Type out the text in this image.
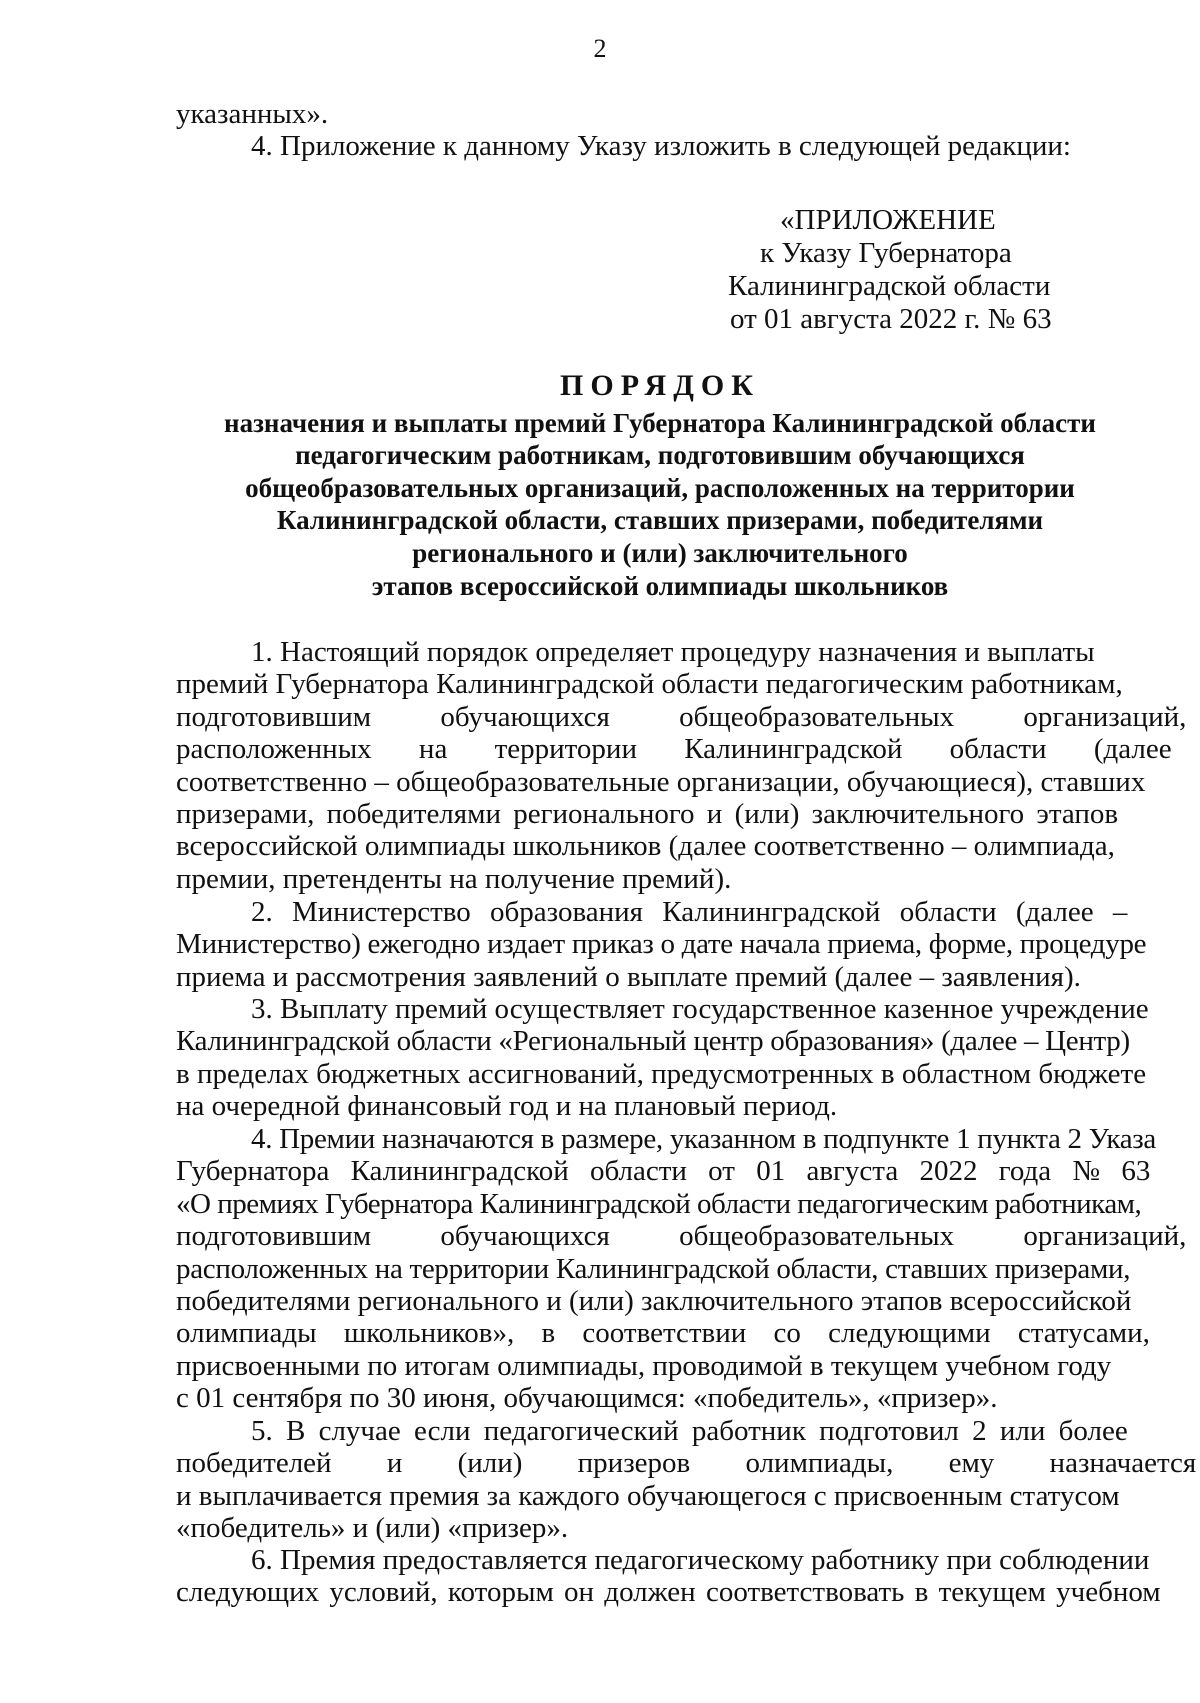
2
указанных».
4. Приложение к данному Указу изложить в следующей редакции:
«ПРИЛОЖЕНИЕ
к Указу Губернатора
Калининградской области
от 01 августа 2022 г. № 63
ПОРЯДОК
назначения и выплаты премий Губернатора Калининградской области
педагогическим работникам, подготовившим обучающихся
общеобразовательных организаций, расположенных на территории
Калининградской области, ставших призерами, победителями
регионального и (или) заключительного
этапов всероссийской олимпиады школьников
1. Настоящий порядок определяет процедуру назначения и выплаты
премий Губернатора Калининградской области педагогическим работникам,
подготовившим обучающихся общеобразовательных организаций,
расположенных на территории Калининградской области (далее
соответственно – общеобразовательные организации, обучающиеся), ставших
призерами, победителями регионального и (или) заключительного этапов
всероссийской олимпиады школьников (далее соответственно – олимпиада,
премии, претенденты на получение премий).
2. Министерство образования Калининградской области (далее –
Министерство) ежегодно издает приказ о дате начала приема, форме, процедуре
приема и рассмотрения заявлений о выплате премий (далее – заявления).
3. Выплату премий осуществляет государственное казенное учреждение
Калининградской области «Региональный центр образования» (далее – Центр)
в пределах бюджетных ассигнований, предусмотренных в областном бюджете
на очередной финансовый год и на плановый период.
4. Премии назначаются в размере, указанном в подпункте 1 пункта 2 Указа
Губернатора Калининградской области от 01 августа 2022 года № 63
«О премиях Губернатора Калининградской области педагогическим работникам,
подготовившим обучающихся общеобразовательных организаций,
расположенных на территории Калининградской области, ставших призерами,
победителями регионального и (или) заключительного этапов всероссийской
олимпиады школьников», в соответствии со следующими статусами,
присвоенными по итогам олимпиады, проводимой в текущем учебном году
с 01 сентября по 30 июня, обучающимся: «победитель», «призер».
5. В случае если педагогический работник подготовил 2 или более
победителей и (или) призеров олимпиады, ему назначается
и выплачивается премия за каждого обучающегося с присвоенным статусом
«победитель» и (или) «призер».
6. Премия предоставляется педагогическому работнику при соблюдении
следующих условий, которым он должен соответствовать в текущем учебном
